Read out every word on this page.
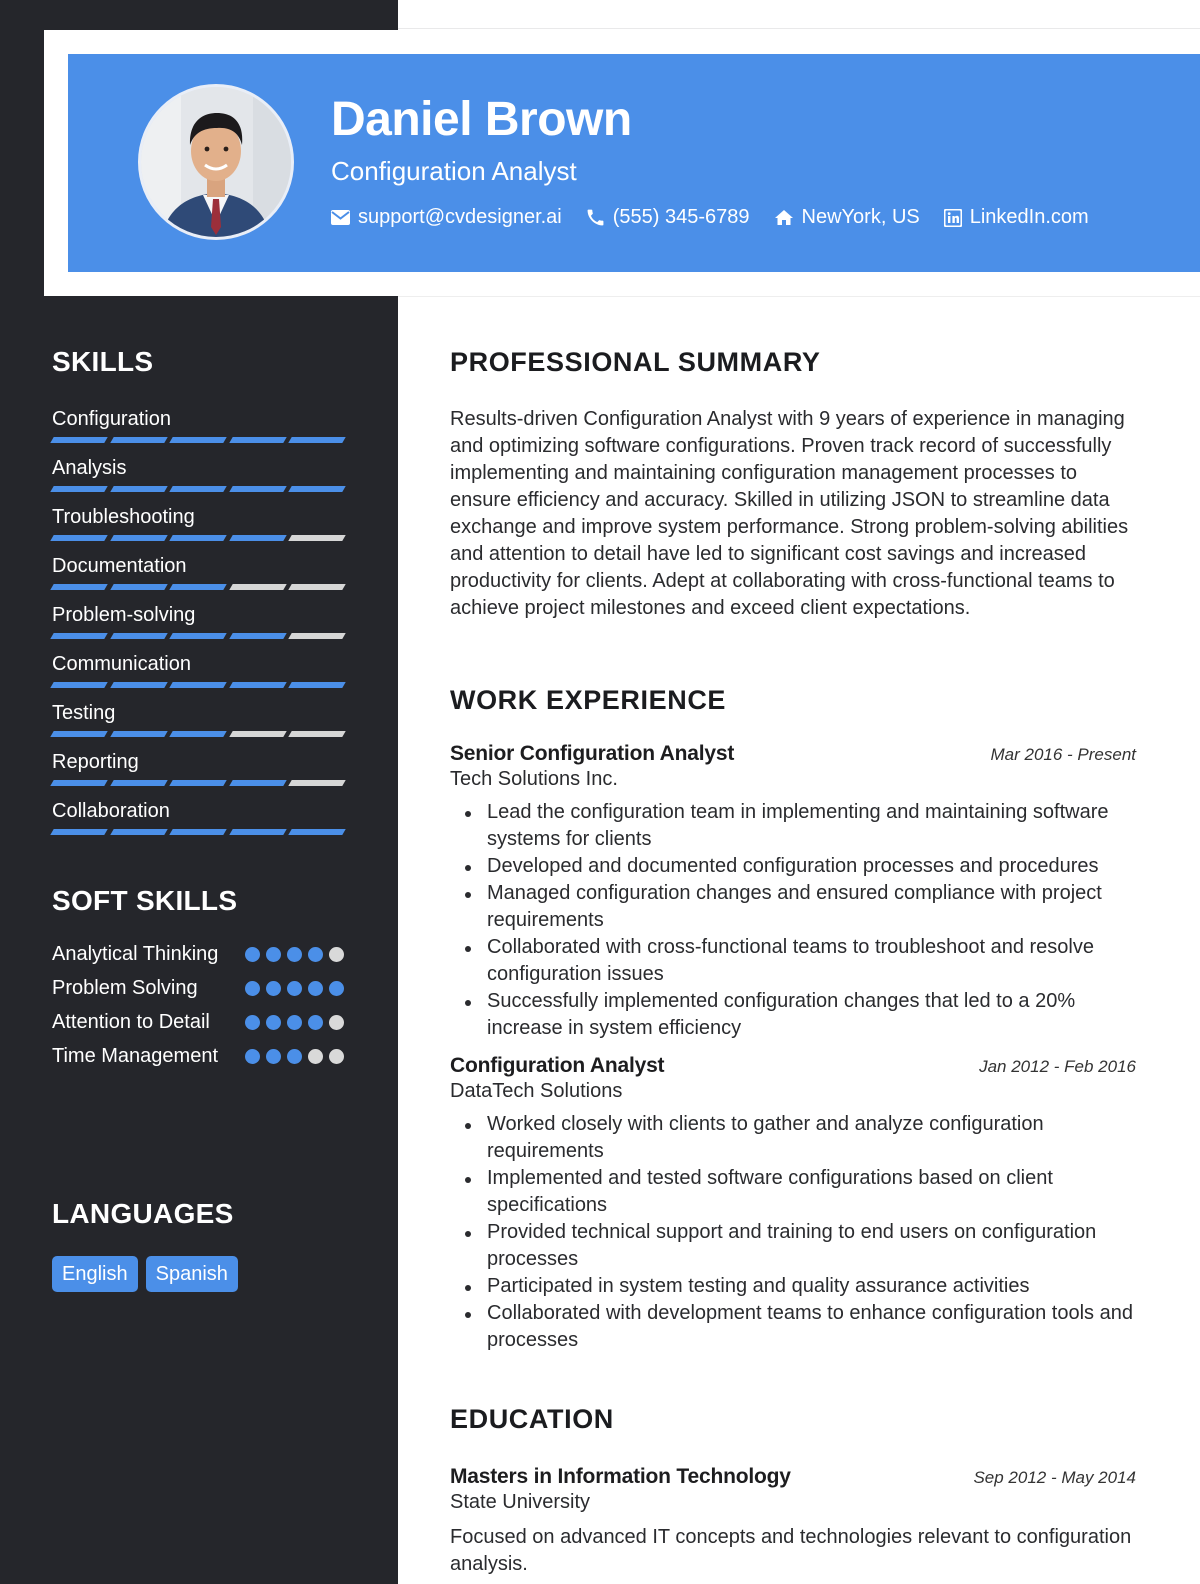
Daniel Brown
Configuration Analyst
support@cvdesigner.ai	(555) 345-6789	NewYork, US	LinkedIn.com
SKILLS
Configuration
Analysis
Troubleshooting
Documentation
Problem-solving
Communication
Testing
Reporting
Collaboration
SOFT SKILLS
Analytical Thinking
Problem Solving
Attention to Detail
Time Management
LANGUAGES
English	Spanish
PROFESSIONAL SUMMARY

Results-driven Configuration Analyst with 9 years of experience in managing and optimizing software configurations. Proven track record of successfully implementing and maintaining configuration management processes to ensure efficiency and accuracy. Skilled in utilizing JSON to streamline data exchange and improve system performance. Strong problem-solving abilities and attention to detail have led to significant cost savings and increased productivity for clients. Adept at collaborating with cross-functional teams to achieve project milestones and exceed client expectations.

WORK EXPERIENCE
Senior Configuration Analyst	Mar 2016 - Present
Tech Solutions Inc.
Lead the configuration team in implementing and maintaining software systems for clients
Developed and documented configuration processes and procedures
Managed configuration changes and ensured compliance with project requirements
Collaborated with cross-functional teams to troubleshoot and resolve configuration issues
Successfully implemented configuration changes that led to a 20% increase in system efficiency
Configuration Analyst	Jan 2012 - Feb 2016
DataTech Solutions
Worked closely with clients to gather and analyze configuration requirements
Implemented and tested software configurations based on client specifications
Provided technical support and training to end users on configuration processes
Participated in system testing and quality assurance activities
Collaborated with development teams to enhance configuration tools and processes
EDUCATION
Masters in Information Technology	Sep 2012 - May 2014
State University

Focused on advanced IT concepts and technologies relevant to configuration analysis.
